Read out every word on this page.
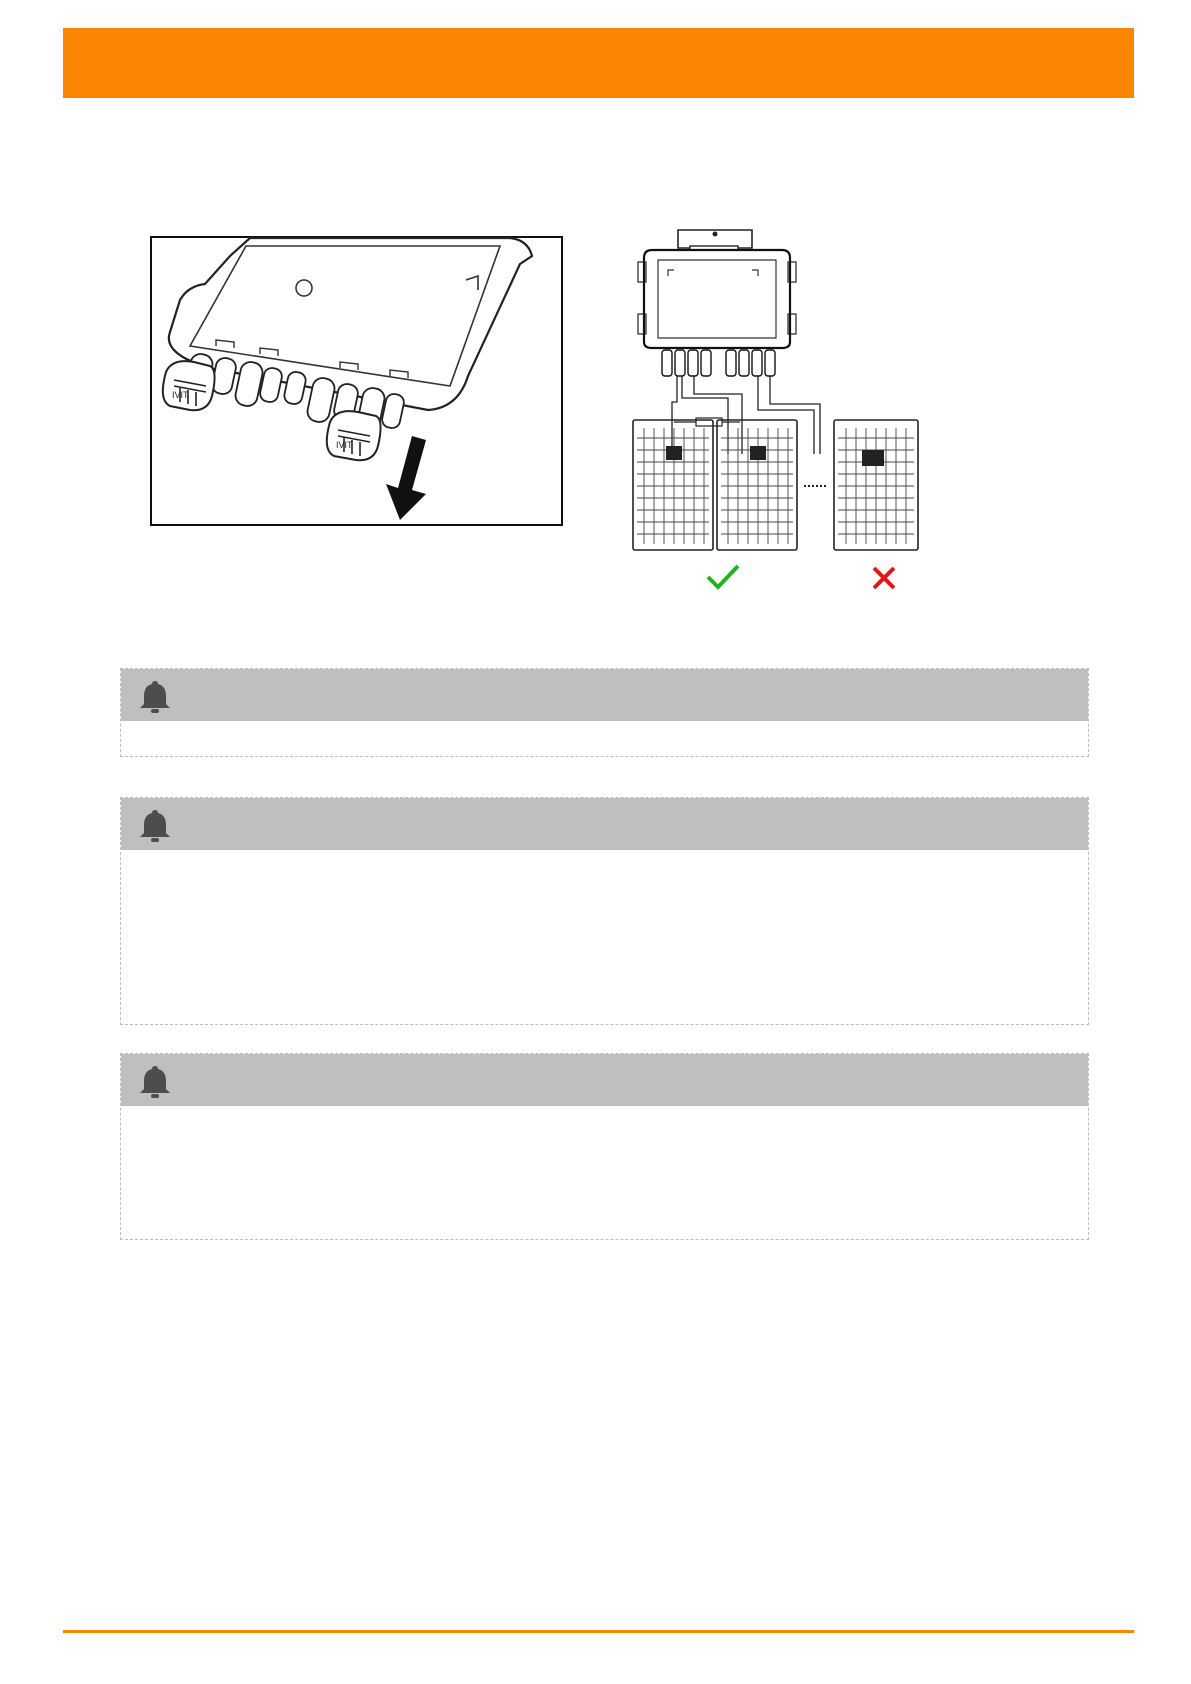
IVIT
IVIT
